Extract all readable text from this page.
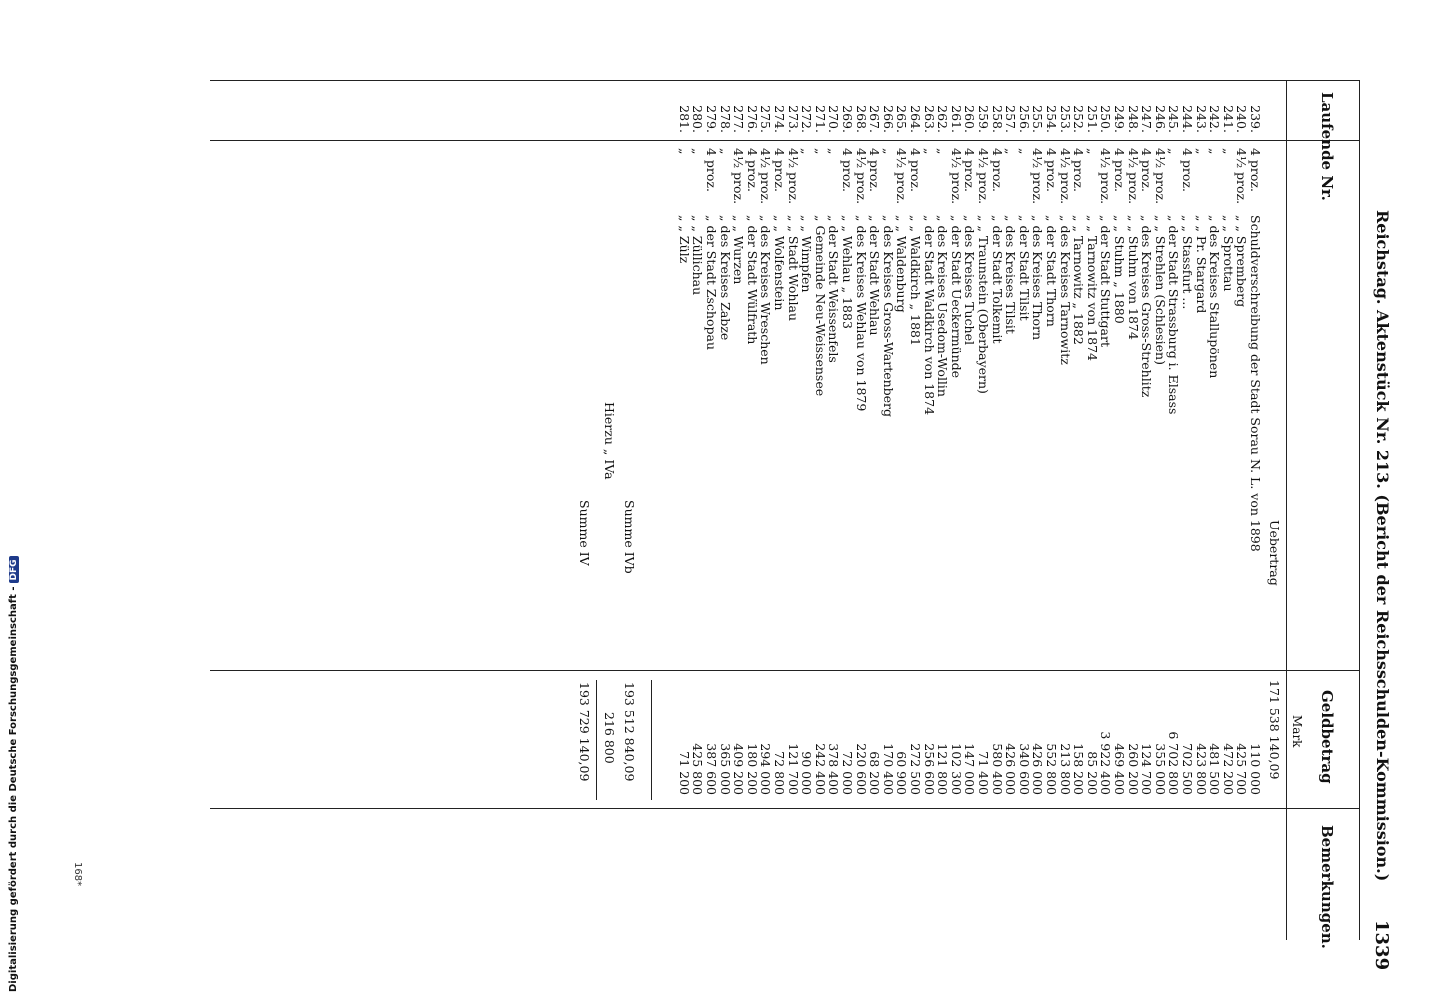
Reichstag. Aktenstück Nr. 213. (Bericht der Reichsschulden-Kommission.)
1339
Laufende Nr.
Geldbetrag
Mark
Bemerkungen.
Uebertrag
171 538 140,09
239.
4 proz.
Schuldverschreibung der Stadt Sorau N. L. von 1898
110 000
240.
4½ proz.
„ „ Spremberg
425 700
241.
„
„ „ Sprottau
472 200
242.
„
„ des Kreises Stallupönen
481 500
243.
„
„ „ Pr. Stargard
423 800
244.
4 proz.
„ „ Stassfurt ...
702 500
245.
„
„ der Stadt Strassburg i. Elsass
6 702 800
246.
4½ proz.
„ „ Strehlen (Schlesien)
355 000
247.
4 proz.
„ des Kreises Gross-Strehlitz
124 700
248.
4½ proz.
„ „ Stuhm von 1874
260 200
249.
4 proz.
„ „ Stuhm „ 1880
469 400
250.
4½ proz.
„ der Stadt Stuttgart
3 922 400
251.
„
„ „ Tarnowitz von 1874
85 200
252.
4 proz.
„ „ Tarnowitz „ 1882
158 200
253.
4½ proz.
„ des Kreises Tarnowitz
213 800
254.
4 proz.
„ der Stadt Thorn
552 800
255.
4½ proz.
„ des Kreises Thorn
426 000
256.
„
„ der Stadt Tilsit
340 600
257.
„
„ des Kreises Tilsit
426 000
258.
4 proz.
„ der Stadt Tolkemit
580 400
259.
4½ proz.
„ „ Traunstein (Oberbayern)
71 400
260.
4 proz.
„ des Kreises Tuchel
147 000
261.
4½ proz.
„ der Stadt Ueckermünde
102 300
262.
„
„ des Kreises Usedom-Wollin
121 800
263.
„
„ der Stadt Waldkirch von 1874
256 600
264.
4 proz.
„ „ Waldkirch „ 1881
272 500
265.
4½ proz.
„ „ Waldenburg
60 900
266.
„
„ des Kreises Gross-Wartenberg
170 400
267.
4 proz.
„ der Stadt Wehlau
68 200
268.
4½ proz.
„ des Kreises Wehlau von 1879
220 600
269.
4 proz.
„ „ Wehlau „ 1883
72 000
270.
„
„ der Stadt Weissenfels
378 400
271.
„
„ Gemeinde Neu-Weissensee
242 400
272.
„
„ „ Wimpfen
90 000
273.
4½ proz.
„ „ Stadt Wohlau
121 700
274.
4 proz.
„ „ Wolfenstein
72 800
275.
4½ proz.
„ des Kreises Wreschen
294 000
276.
4 proz.
„ der Stadt Wülfrath
180 200
277.
4½ proz.
„ „ Wurzen
409 200
278.
„
„ des Kreises Zabze
365 000
279.
4 proz.
„ der Stadt Zschopau
387 600
280.
„
„ „ Züllichau
425 800
281.
„
„ „ Zülz
71 200
Summe IVb
193 512 840,09
Hierzu „ IVa
216 800
Summe IV
193 729 140,09
Digitalisierung gefördert durch die Deutsche Forschungsgemeinschaft -DFG
168*
